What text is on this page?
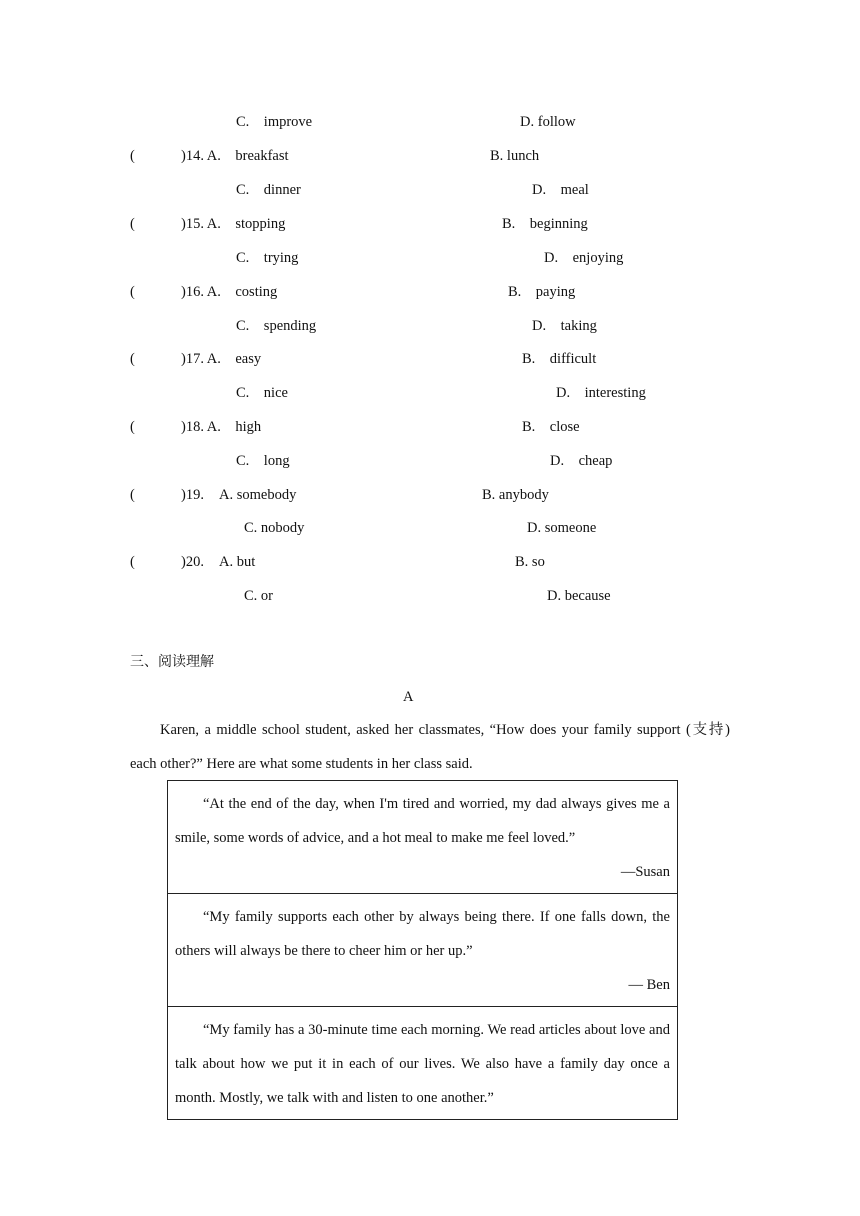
C. improve	D. follow
(	)14. A. breakfast	B. lunch
C. dinner	D. meal
(	)15. A. stopping	B. beginning
C. trying	D. enjoying
(	)16. A. costing	B. paying
C. spending	D. taking
(	)17. A. easy	B. difficult
C. nice	D. interesting
(	)18. A. high	B. close
C. long	D. cheap
(	)19. A. somebody	B. anybody
C. nobody	D. someone
(	)20. A. but	B. so
C. or	D. because
三、阅读理解
A
Karen, a middle school student, asked her classmates, “How does your family support (支持) each other?” Here are what some students in her class said.
“At the end of the day, when I'm tired and worried, my dad always gives me a smile, some words of advice, and a hot meal to make me feel loved.”
—Susan

“My family supports each other by always being there. If one falls down, the others will always be there to cheer him or her up.”
— Ben

“My family has a 30-minute time each morning. We read articles about love and talk about how we put it in each of our lives. We also have a family day once a month. Mostly, we talk with and listen to one another.”
